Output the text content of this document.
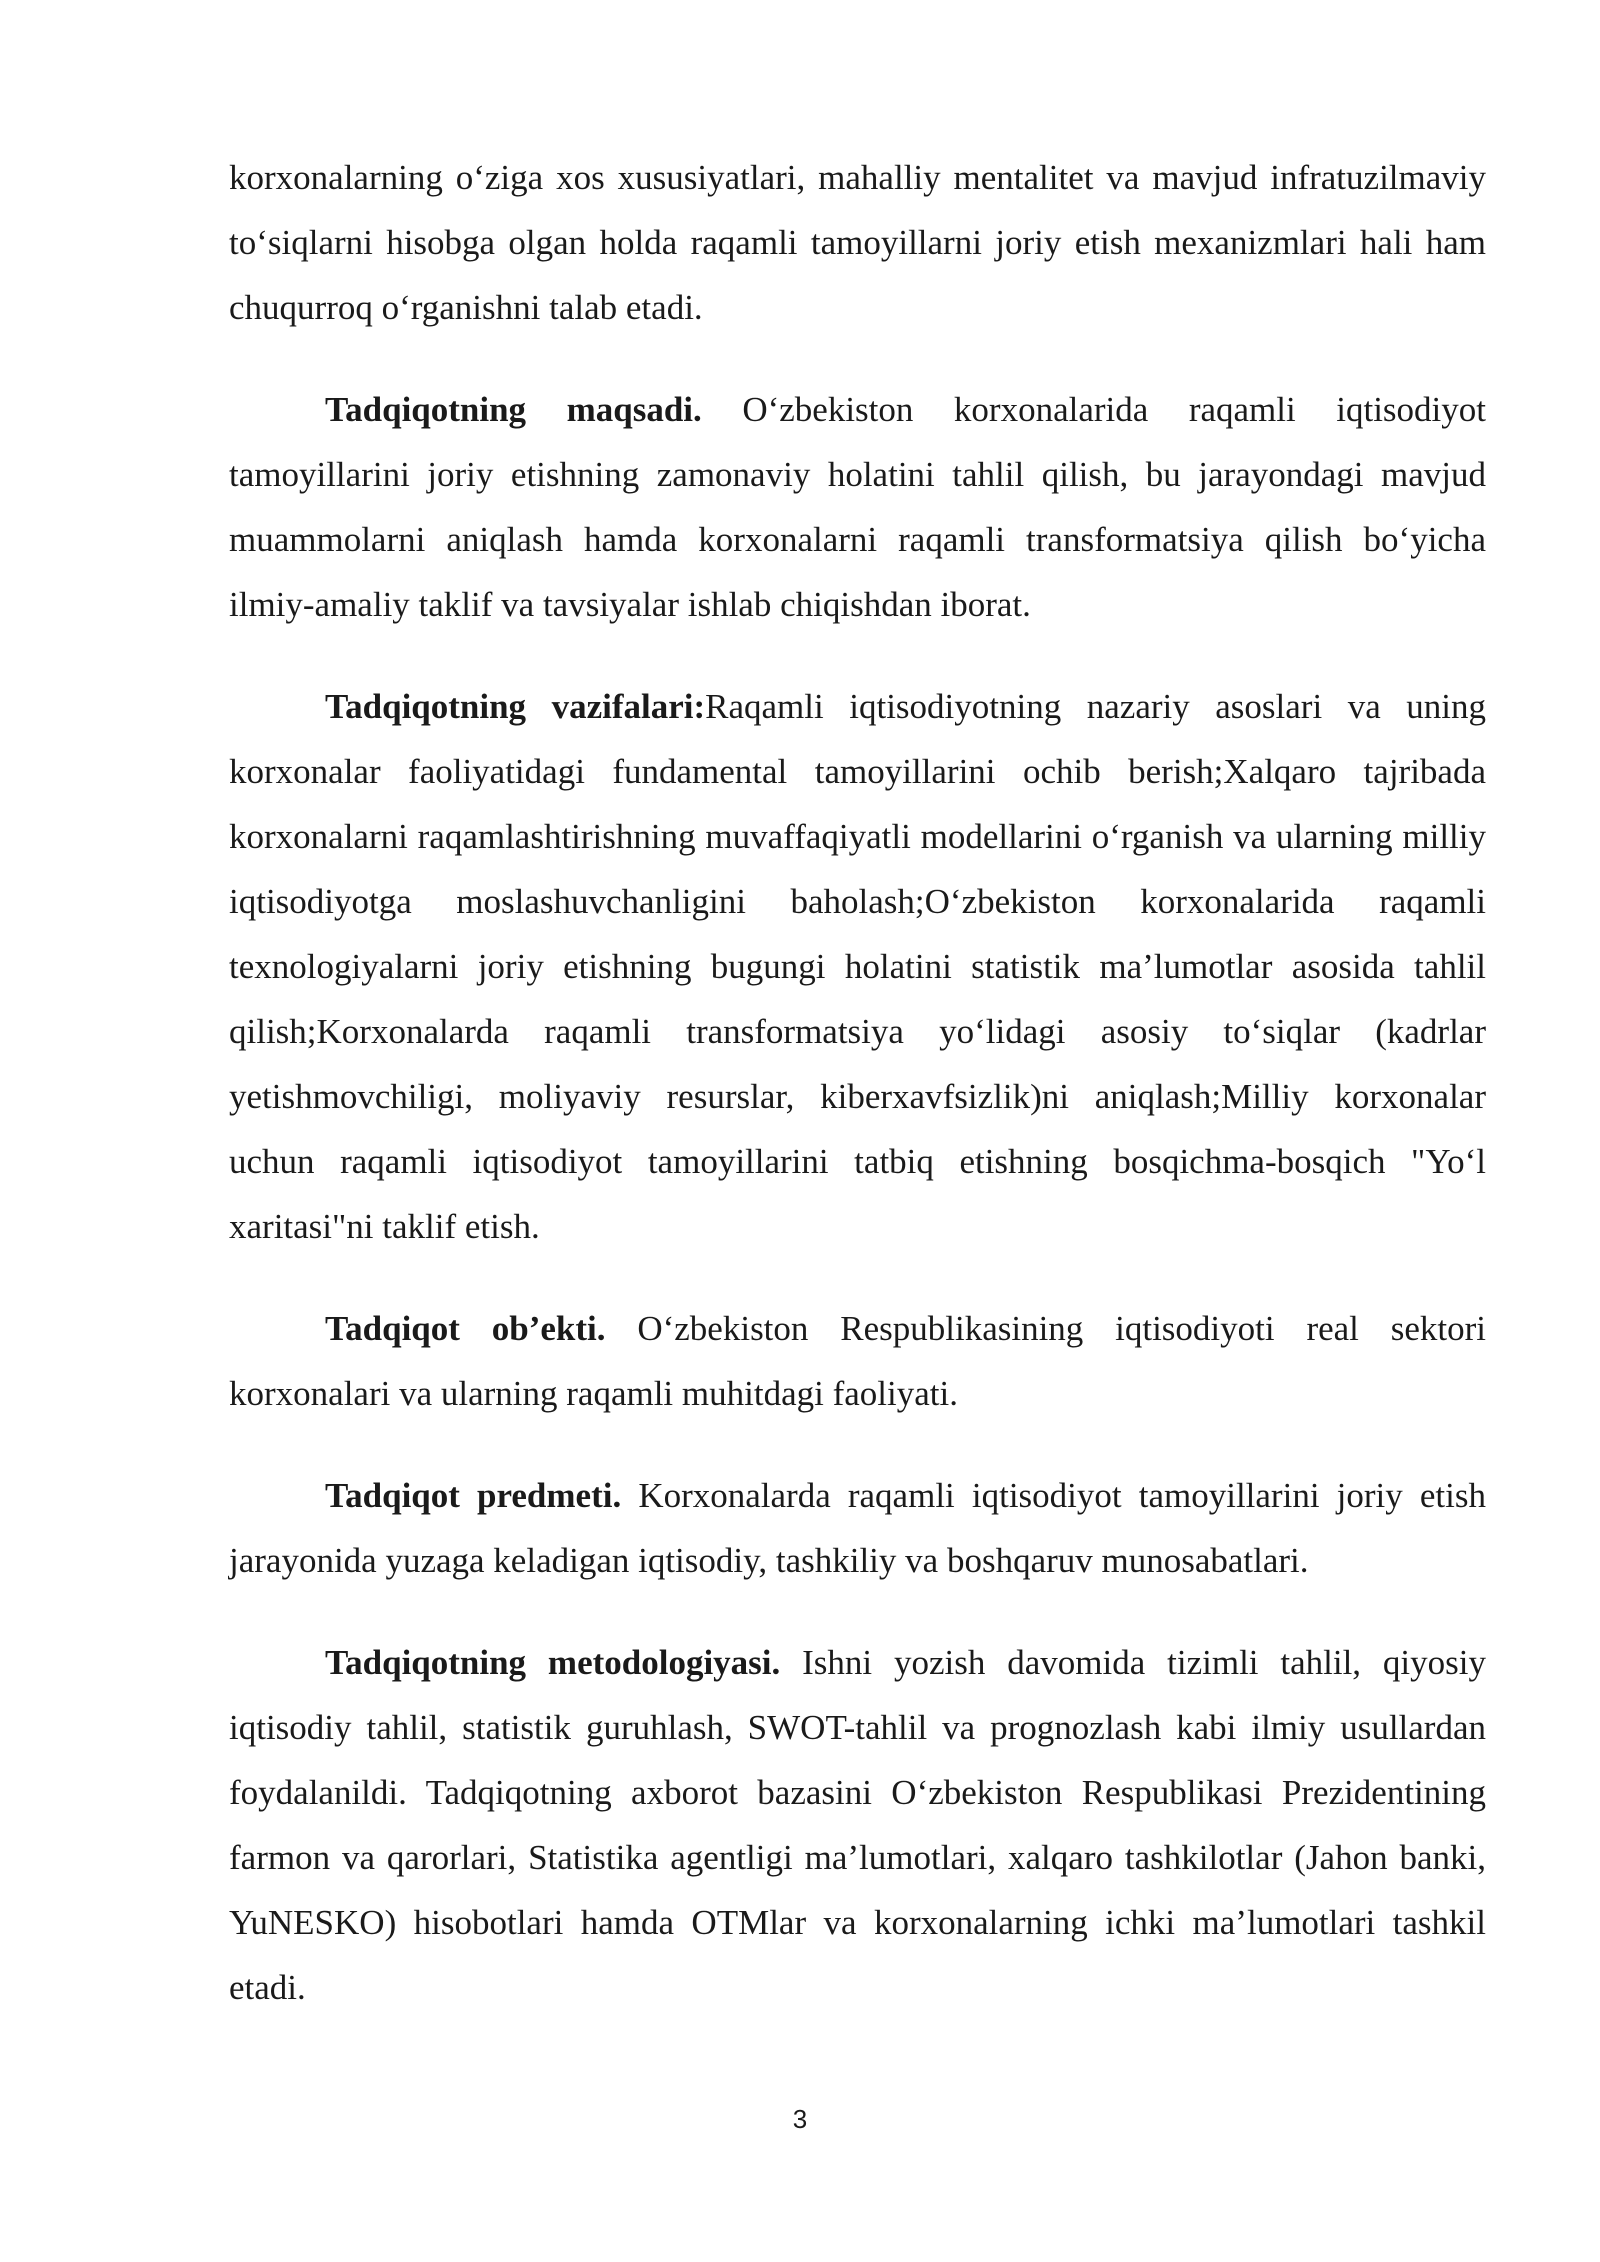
korxonalarning o‘ziga xos xususiyatlari, mahalliy mentalitet va mavjud infratuzilmaviy to‘siqlarni hisobga olgan holda raqamli tamoyillarni joriy etish mexanizmlari hali ham chuqurroq o‘rganishni talab etadi.

Tadqiqotning maqsadi. O‘zbekiston korxonalarida raqamli iqtisodiyot tamoyillarini joriy etishning zamonaviy holatini tahlil qilish, bu jarayondagi mavjud muammolarni aniqlash hamda korxonalarni raqamli transformatsiya qilish bo‘yicha ilmiy-amaliy taklif va tavsiyalar ishlab chiqishdan iborat.

Tadqiqotning vazifalari:Raqamli iqtisodiyotning nazariy asoslari va uning korxonalar faoliyatidagi fundamental tamoyillarini ochib berish;Xalqaro tajribada korxonalarni raqamlashtirishning muvaffaqiyatli modellarini o‘rganish va ularning milliy iqtisodiyotga moslashuvchanligini baholash;O‘zbekiston korxonalarida raqamli texnologiyalarni joriy etishning bugungi holatini statistik ma’lumotlar asosida tahlil qilish;Korxonalarda raqamli transformatsiya yo‘lidagi asosiy to‘siqlar (kadrlar yetishmovchiligi, moliyaviy resurslar, kiberxavfsizlik)ni aniqlash;Milliy korxonalar uchun raqamli iqtisodiyot tamoyillarini tatbiq etishning bosqichma-bosqich "Yo‘l xaritasi"ni taklif etish.

Tadqiqot ob’ekti. O‘zbekiston Respublikasining iqtisodiyoti real sektori korxonalari va ularning raqamli muhitdagi faoliyati.

Tadqiqot predmeti. Korxonalarda raqamli iqtisodiyot tamoyillarini joriy etish jarayonida yuzaga keladigan iqtisodiy, tashkiliy va boshqaruv munosabatlari.

Tadqiqotning metodologiyasi. Ishni yozish davomida tizimli tahlil, qiyosiy iqtisodiy tahlil, statistik guruhlash, SWOT-tahlil va prognozlash kabi ilmiy usullardan foydalanildi. Tadqiqotning axborot bazasini O‘zbekiston Respublikasi Prezidentining farmon va qarorlari, Statistika agentligi ma’lumotlari, xalqaro tashkilotlar (Jahon banki, YuNESKO) hisobotlari hamda OTMlar va korxonalarning ichki ma’lumotlari tashkil etadi.

3
